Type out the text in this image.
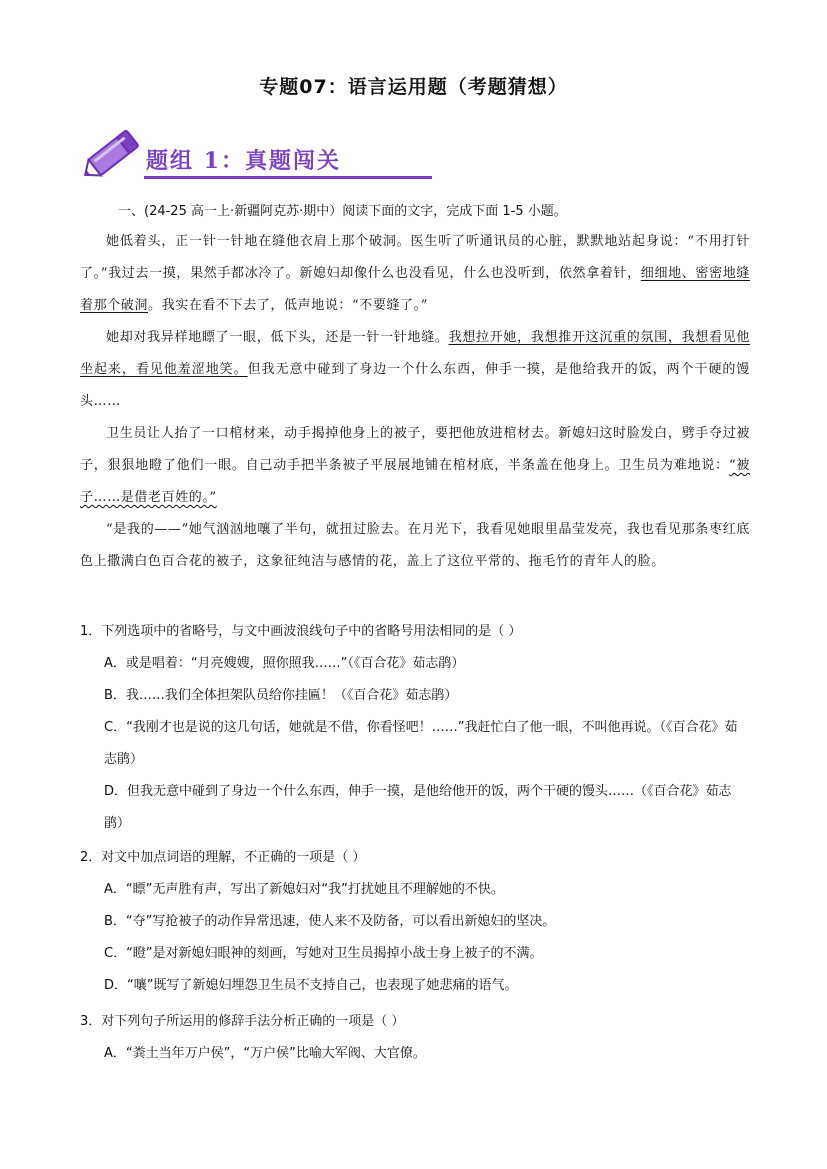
专题07：语言运用题（考题猜想）
题组 1：真题闯关
一、(24-25 高一上·新疆阿克苏·期中）阅读下面的文字，完成下面 1-5 小题。

她低着头，正一针一针地在缝他衣肩上那个破洞。医生听了听通讯员的心脏，默默地站起身说：“不用打针了。”我过去一摸，果然手都冰冷了。新媳妇却像什么也没看见，什么也没听到，依然拿着针，细细地、密密地缝着那个破洞。我实在看不下去了，低声地说：“不要缝了。”

她却对我异样地瞟了一眼，低下头，还是一针一针地缝。我想拉开她，我想推开这沉重的氛围，我想看见他坐起来，看见他羞涩地笑。但我无意中碰到了身边一个什么东西，伸手一摸，是他给我开的饭，两个干硬的馒头……

卫生员让人抬了一口棺材来，动手揭掉他身上的被子，要把他放进棺材去。新媳妇这时脸发白，劈手夺过被子，狠狠地瞪了他们一眼。自己动手把半条被子平展展地铺在棺材底，半条盖在他身上。卫生员为难地说：“被子……是借老百姓的。”

“是我的——”她气汹汹地嚷了半句，就扭过脸去。在月光下，我看见她眼里晶莹发亮，我也看见那条枣红底色上撒满白色百合花的被子，这象征纯洁与感情的花，盖上了这位平常的、拖毛竹的青年人的脸。

1．下列选项中的省略号，与文中画波浪线句子中的省略号用法相同的是（ ）

A．或是唱着：“月亮嫂嫂，照你照我……”（《百合花》茹志鹃）

B．我……我们全体担架队员给你挂匾！（《百合花》茹志鹃）

C．“我刚才也是说的这几句话，她就是不借，你看怪吧！……”我赶忙白了他一眼，不叫他再说。（《百合花》茹志鹃）

D．但我无意中碰到了身边一个什么东西，伸手一摸，是他给他开的饭，两个干硬的馒头……（《百合花》茹志鹃）

2．对文中加点词语的理解，不正确的一项是（ ）

A．“瞟”无声胜有声，写出了新媳妇对“我”打扰她且不理解她的不快。

B．“夺”写抢被子的动作异常迅速，使人来不及防备，可以看出新媳妇的坚决。

C．“瞪”是对新媳妇眼神的刻画，写她对卫生员揭掉小战士身上被子的不满。

D．“嚷”既写了新媳妇埋怨卫生员不支持自己，也表现了她悲痛的语气。

3．对下列句子所运用的修辞手法分析正确的一项是（ ）

A．“粪土当年万户侯”，“万户侯”比喻大军阀、大官僚。
